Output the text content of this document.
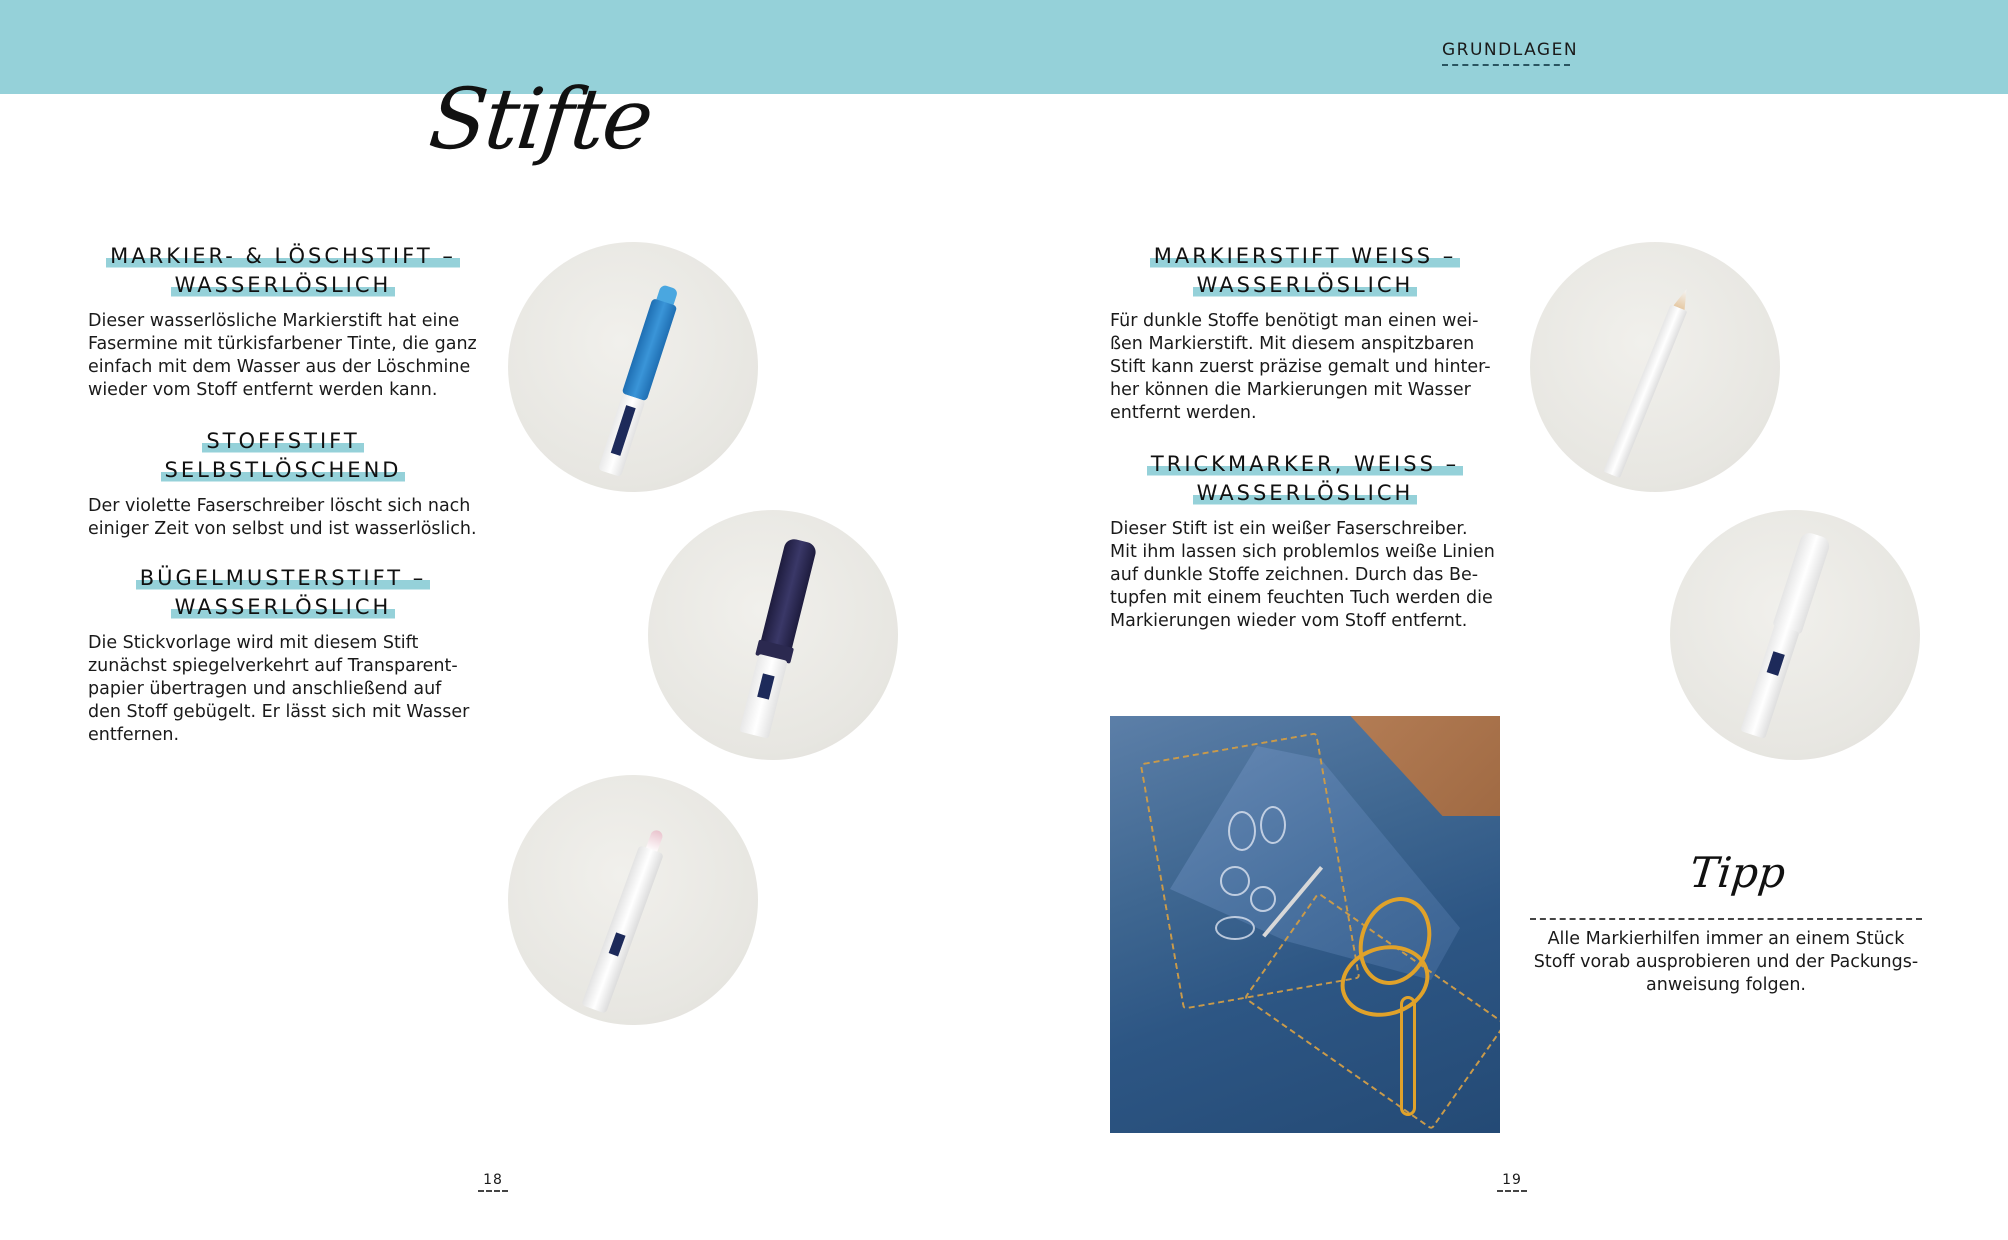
GRUNDLAGEN
Stifte
MARKIER- & LÖSCHSTIFT –
WASSERLÖSLICH
Dieser wasserlösliche Markierstift hat eine
Fasermine mit türkisfarbener Tinte, die ganz
einfach mit dem Wasser aus der Löschmine
wieder vom Stoff entfernt werden kann.
STOFFSTIFT
SELBSTLÖSCHEND
Der violette Faserschreiber löscht sich nach
einiger Zeit von selbst und ist wasserlöslich.
BÜGELMUSTERSTIFT –
WASSERLÖSLICH
Die Stickvorlage wird mit diesem Stift
zunächst spiegelverkehrt auf Transparent-
papier übertragen und anschließend auf
den Stoff gebügelt. Er lässt sich mit Wasser
entfernen.
MARKIERSTIFT WEISS –
WASSERLÖSLICH
Für dunkle Stoffe benötigt man einen wei-
ßen Markierstift. Mit diesem anspitzbaren
Stift kann zuerst präzise gemalt und hinter-
her können die Markierungen mit Wasser
entfernt werden.
TRICKMARKER, WEISS –
WASSERLÖSLICH
Dieser Stift ist ein weißer Faserschreiber.
Mit ihm lassen sich problemlos weiße Linien
auf dunkle Stoffe zeichnen. Durch das Be-
tupfen mit einem feuchten Tuch werden die
Markierungen wieder vom Stoff entfernt.
Tipp
Alle Markierhilfen immer an einem Stück
Stoff vorab ausprobieren und der Packungs-
anweisung folgen.
18	19
